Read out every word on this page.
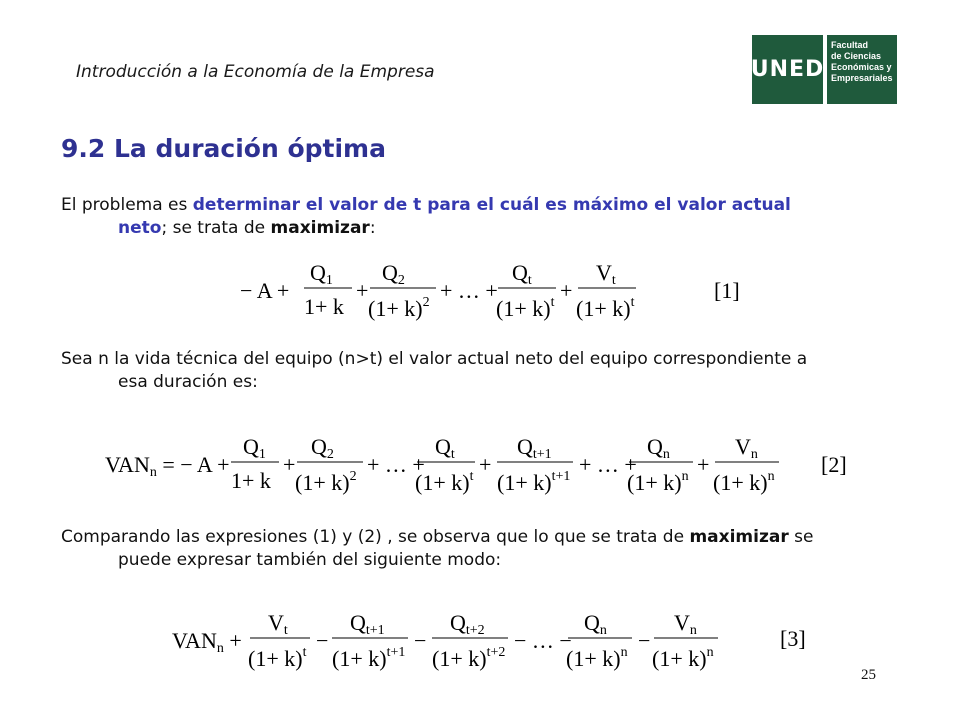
Introducción a la Economía de la Empresa	UNED
Facultad
de Ciencias
Económicas y
Empresariales
9.2 La duración óptima
El problema es determinar el valor de t para el cuál es máximo el valor actual neto; se trata de maximizar:
− A +
Q1
1+ k
+
Q2
$(1+ k)^2$ + … +
Qt
$(1+ k)^t$ +
Vt
$(1+ k)^t$	[1]
Sea n la vida técnica del equipo (n>t) el valor actual neto del equipo correspondiente a esa duración es:
VANn = − A +
Q1
1+ k
+
Q2
$(1+ k)^2$ + … +
Qt
$(1+ k)^t$ +
Qt+1
$(1+ k)^{t+1}$ + … +
Qn
$(1+ k)^n$ +
Vn
$(1+ k)^n$ [2]
Comparando las expresiones (1) y (2) , se observa que lo que se trata de maximizar se puede expresar también del siguiente modo:
VANn +
Vt
$(1+ k)^t$ −
Qt+1
$(1+ k)^{t+1}$ −
Qt+2
$(1+ k)^{t+2}$ − … −
Qn
$(1+ k)^n$ −
Vn
$(1+ k)^n$
[3]
25
